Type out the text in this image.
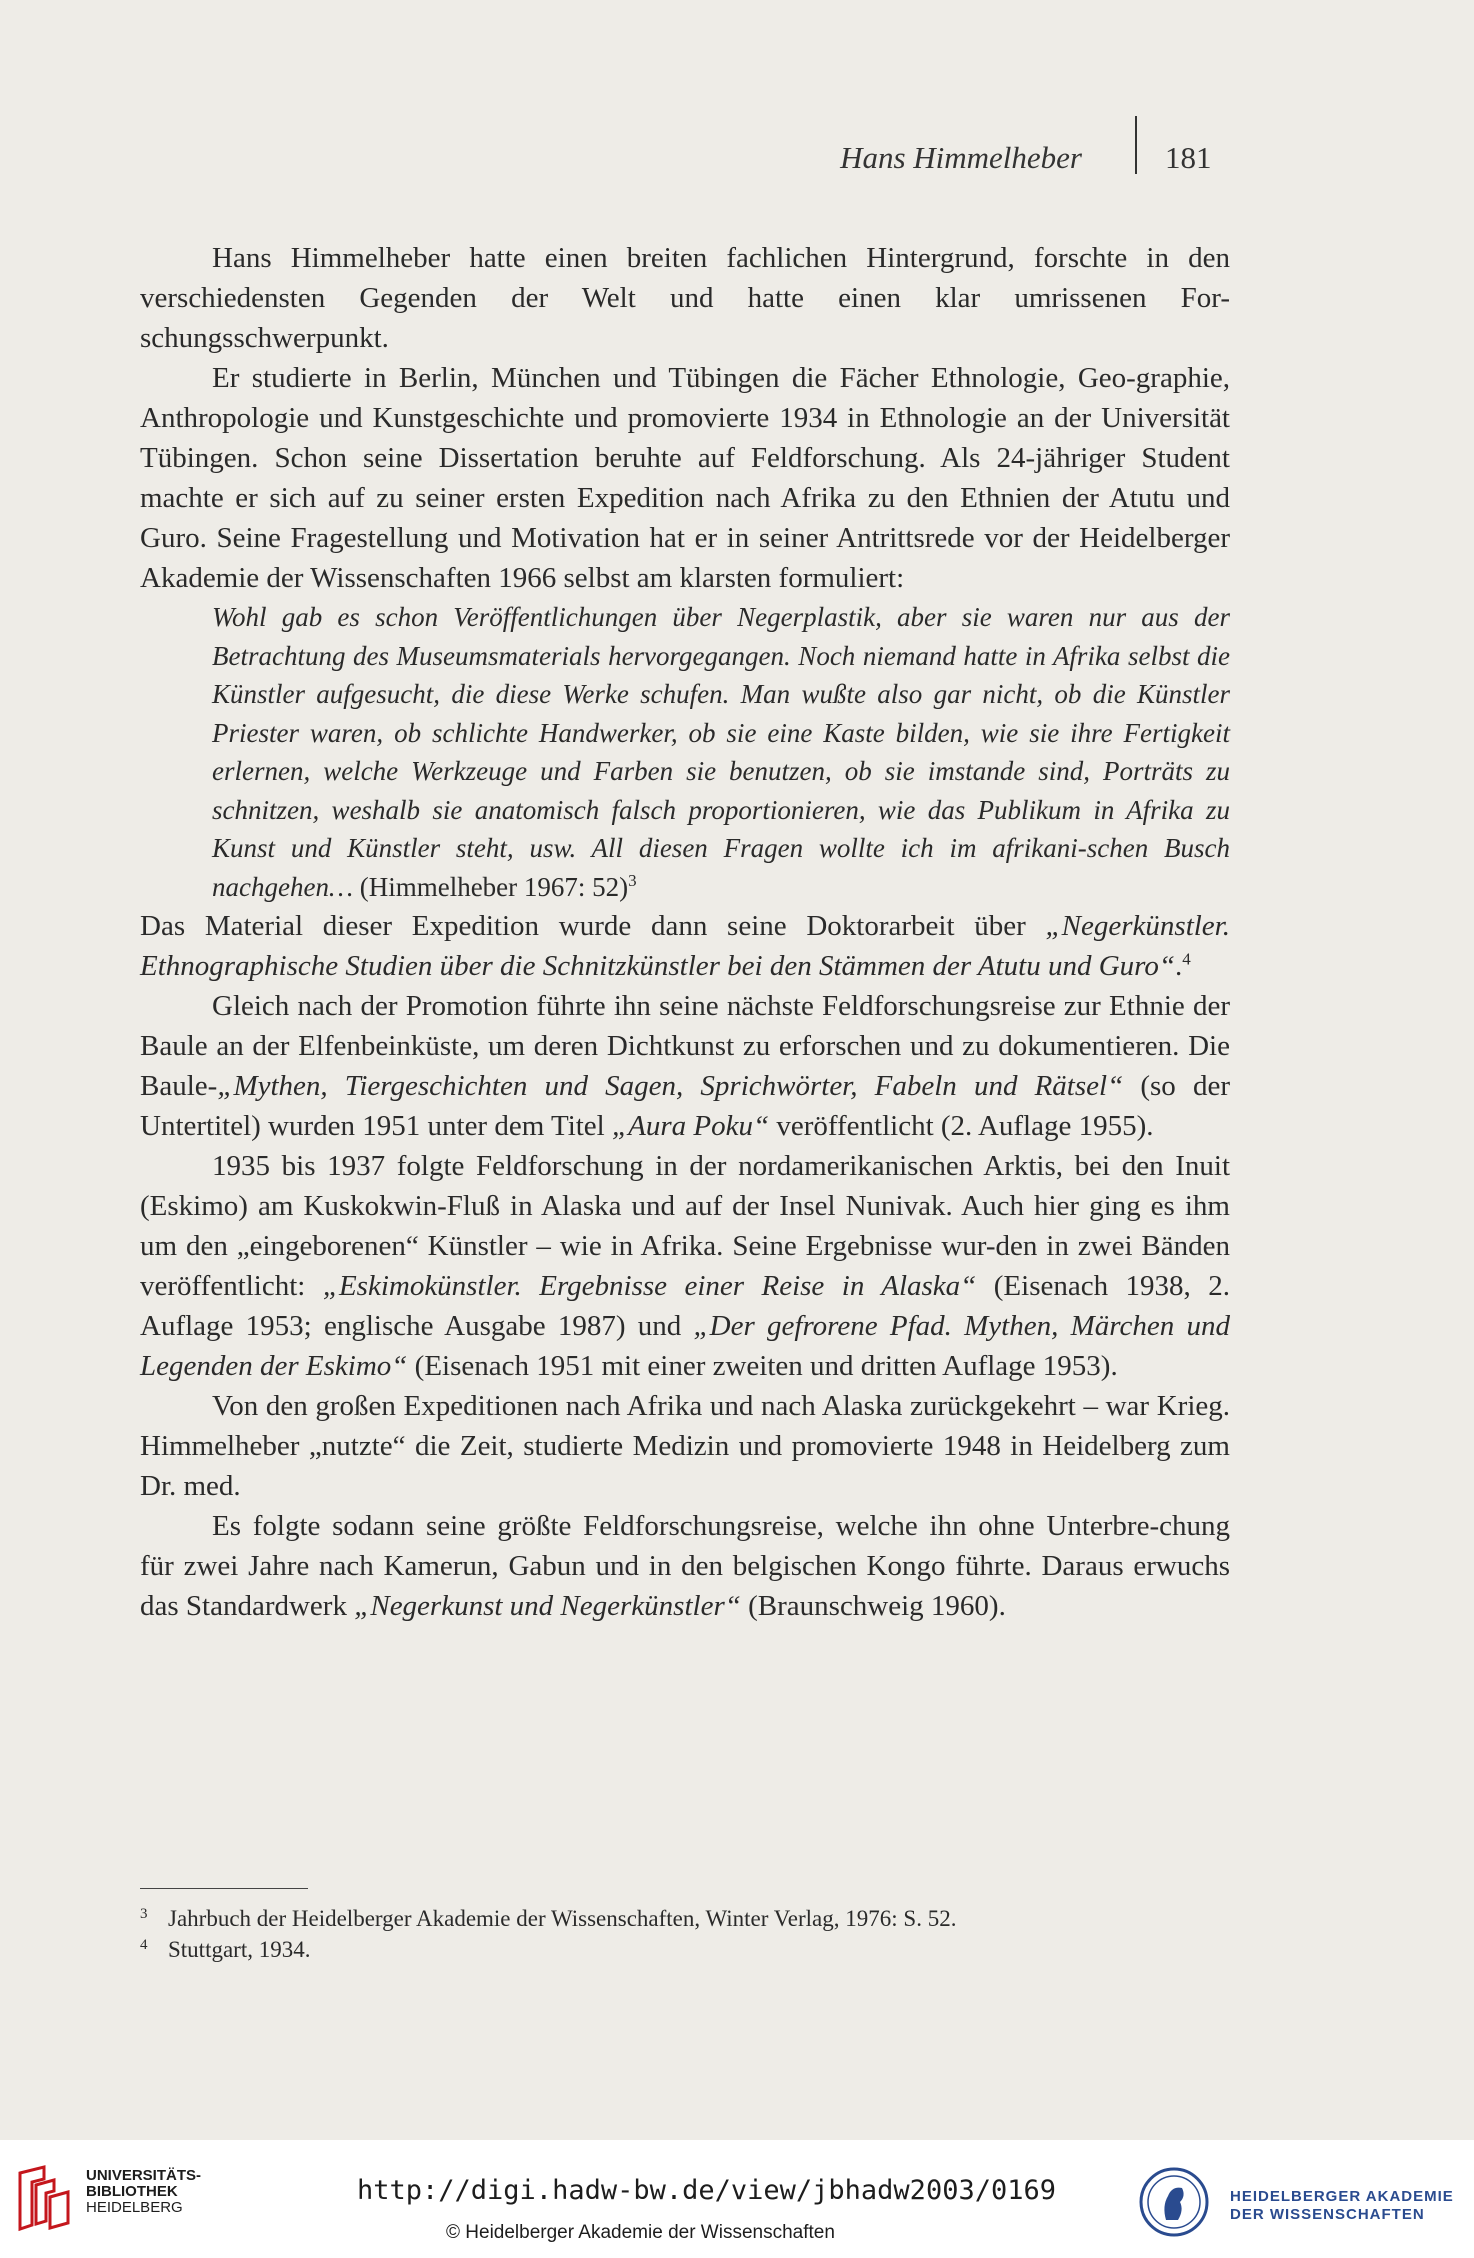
Hans Himmelheber	181

Hans Himmelheber hatte einen breiten fachlichen Hintergrund, forschte in den verschiedensten Gegenden der Welt und hatte einen klar umrissenen For-schungsschwerpunkt.

Er studierte in Berlin, München und Tübingen die Fächer Ethnologie, Geo-graphie, Anthropologie und Kunstgeschichte und promovierte 1934 in Ethnologie an der Universität Tübingen. Schon seine Dissertation beruhte auf Feldforschung. Als 24-jähriger Student machte er sich auf zu seiner ersten Expedition nach Afrika zu den Ethnien der Atutu und Guro. Seine Fragestellung und Motivation hat er in seiner Antrittsrede vor der Heidelberger Akademie der Wissenschaften 1966 selbst am klarsten formuliert:

Wohl gab es schon Veröffentlichungen über Negerplastik, aber sie waren nur aus der Betrachtung des Museumsmaterials hervorgegangen. Noch niemand hatte in Afrika selbst die Künstler aufgesucht, die diese Werke schufen. Man wußte also gar nicht, ob die Künstler Priester waren, ob schlichte Handwerker, ob sie eine Kaste bilden, wie sie ihre Fertigkeit erlernen, welche Werkzeuge und Farben sie benutzen, ob sie imstande sind, Porträts zu schnitzen, weshalb sie anatomisch falsch proportionieren, wie das Publikum in Afrika zu Kunst und Künstler steht, usw. All diesen Fragen wollte ich im afrikani-schen Busch nachgehen… (Himmelheber 1967: 52)$^3$

Das Material dieser Expedition wurde dann seine Doktorarbeit über „Negerkünstler. Ethnographische Studien über die Schnitzkünstler bei den Stämmen der Atutu und Guro“.$^4$

Gleich nach der Promotion führte ihn seine nächste Feldforschungsreise zur Ethnie der Baule an der Elfenbeinküste, um deren Dichtkunst zu erforschen und zu dokumentieren. Die Baule-„Mythen, Tiergeschichten und Sagen, Sprichwörter, Fabeln und Rätsel“ (so der Untertitel) wurden 1951 unter dem Titel „Aura Poku“ veröffentlicht (2. Auflage 1955).

1935 bis 1937 folgte Feldforschung in der nordamerikanischen Arktis, bei den Inuit (Eskimo) am Kuskokwin-Fluß in Alaska und auf der Insel Nunivak. Auch hier ging es ihm um den „eingeborenen“ Künstler – wie in Afrika. Seine Ergebnisse wur-den in zwei Bänden veröffentlicht: „Eskimokünstler. Ergebnisse einer Reise in Alaska“ (Eisenach 1938, 2. Auflage 1953; englische Ausgabe 1987) und „Der gefrorene Pfad. Mythen, Märchen und Legenden der Eskimo“ (Eisenach 1951 mit einer zweiten und dritten Auflage 1953).

Von den großen Expeditionen nach Afrika und nach Alaska zurückgekehrt – war Krieg. Himmelheber „nutzte“ die Zeit, studierte Medizin und promovierte 1948 in Heidelberg zum Dr. med.

Es folgte sodann seine größte Feldforschungsreise, welche ihn ohne Unterbre-chung für zwei Jahre nach Kamerun, Gabun und in den belgischen Kongo führte. Daraus erwuchs das Standardwerk „Negerkunst und Negerkünstler“ (Braunschweig 1960).

3 Jahrbuch der Heidelberger Akademie der Wissenschaften, Winter Verlag, 1976: S. 52.
4 Stuttgart, 1934.
UNIVERSITÄTS-
BIBLIOTHEK
HEIDELBERG
http://digi.hadw-bw.de/view/jbhadw2003/0169
© Heidelberger Akademie der Wissenschaften
HEIDELBERGER AKADEMIE
DER WISSENSCHAFTEN
